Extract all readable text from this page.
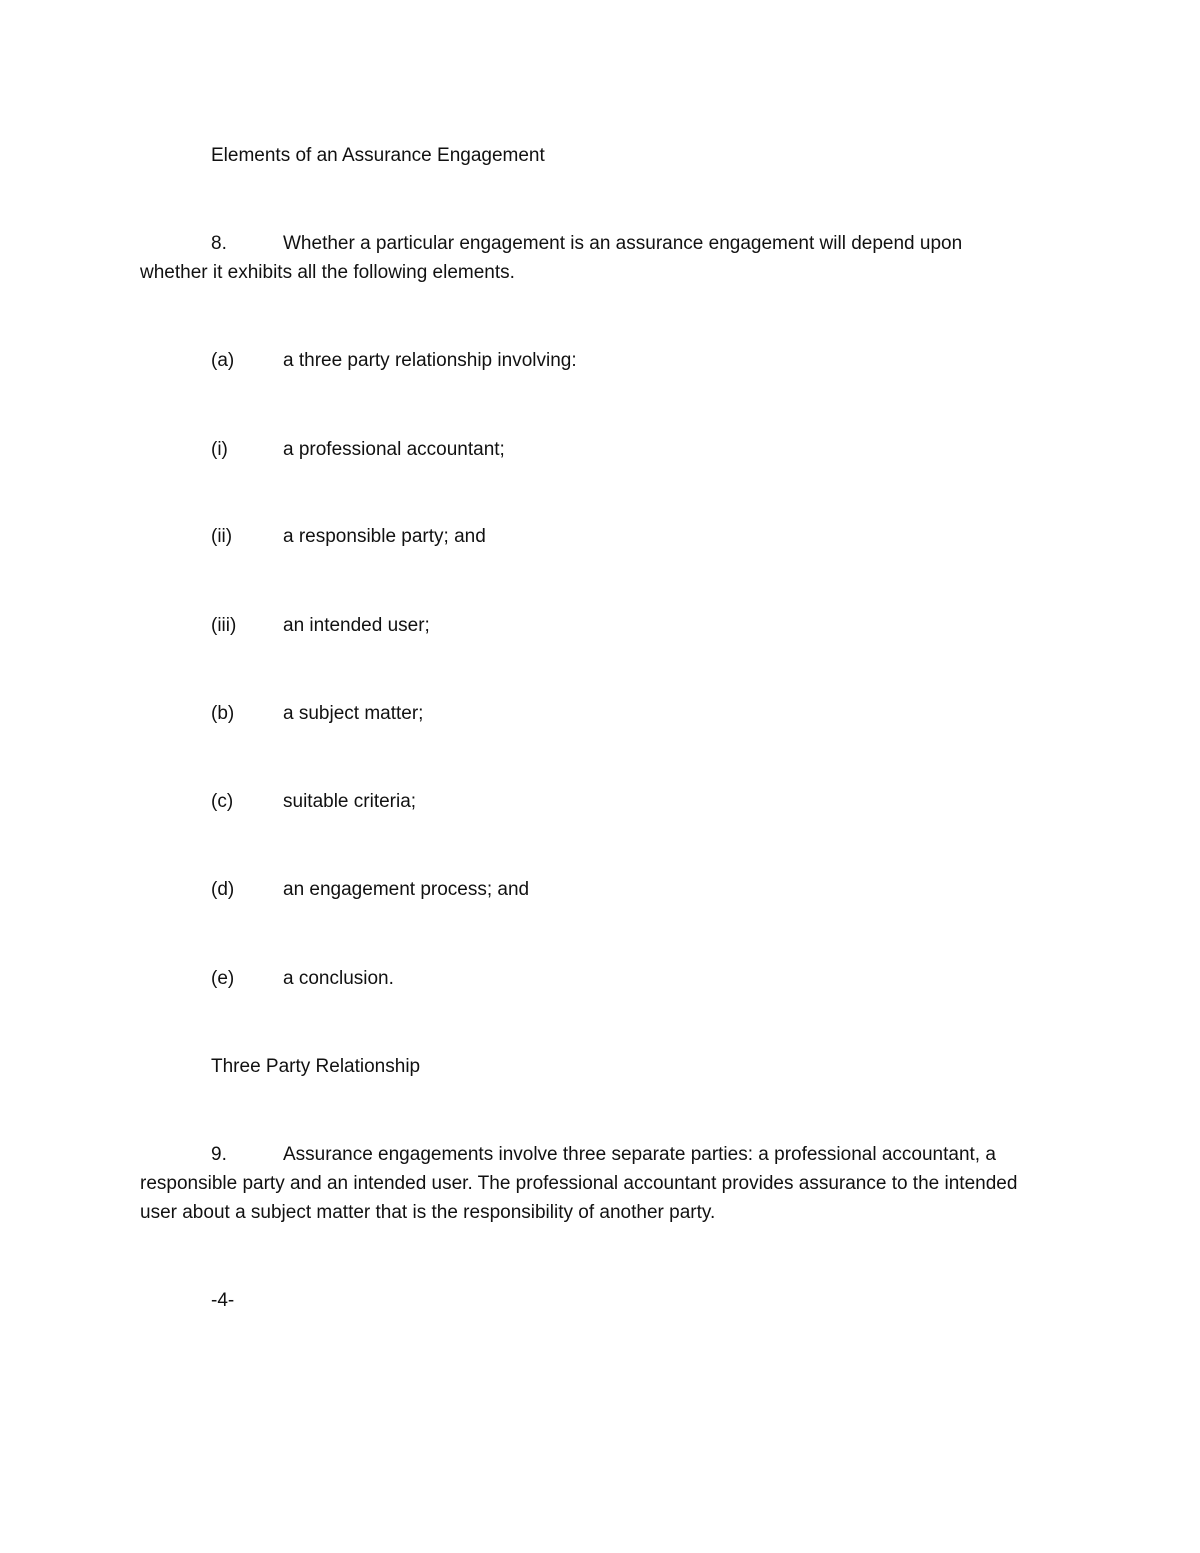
Elements of an Assurance Engagement
8.	Whether a particular engagement is an assurance engagement will depend upon
whether it exhibits all the following elements.
(a)	a three party relationship involving:
(i)	a professional accountant;
(ii)	a responsible party; and
(iii) an intended user;
(b)	a subject matter;
(c)	suitable criteria;
(d)	an engagement process; and
(e)	a conclusion.
Three Party Relationship
9.	Assurance engagements involve three separate parties: a professional accountant, a
responsible party and an intended user. The professional accountant provides assurance to the intended
user about a subject matter that is the responsibility of another party.
-4-
